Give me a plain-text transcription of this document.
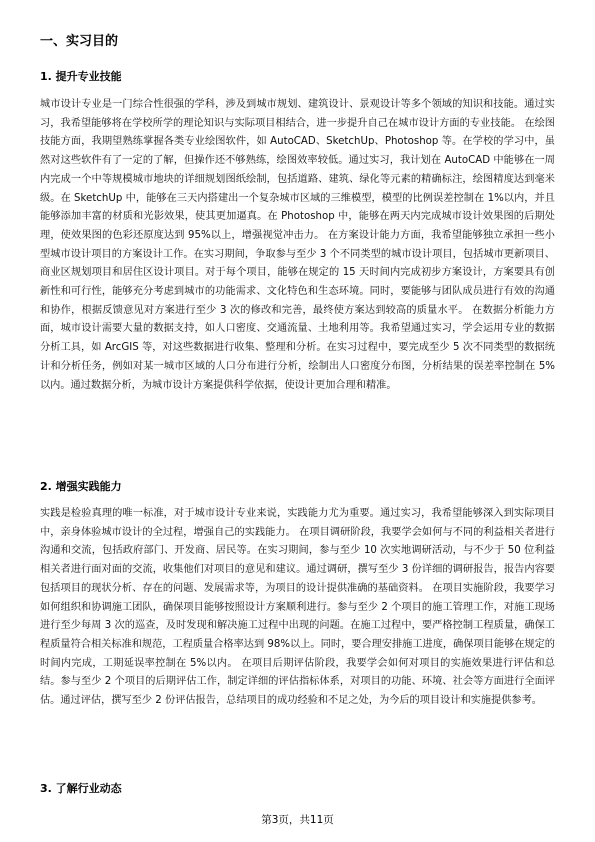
一、实习目的
1. 提升专业技能
城市设计专业是一门综合性很强的学科，涉及到城市规划、建筑设计、景观设计等多个领域的知识和技能。通过实习，我希望能够将在学校所学的理论知识与实际项目相结合，进一步提升自己在城市设计方面的专业技能。 在绘图技能方面，我期望熟练掌握各类专业绘图软件，如 AutoCAD、SketchUp、Photoshop 等。在学校的学习中，虽然对这些软件有了一定的了解，但操作还不够熟练，绘图效率较低。通过实习，我计划在 AutoCAD 中能够在一周内完成一个中等规模城市地块的详细规划图纸绘制，包括道路、建筑、绿化等元素的精确标注，绘图精度达到毫米级。在 SketchUp 中，能够在三天内搭建出一个复杂城市区域的三维模型，模型的比例误差控制在 1%以内，并且能够添加丰富的材质和光影效果，使其更加逼真。在 Photoshop 中，能够在两天内完成城市设计效果图的后期处理，使效果图的色彩还原度达到 95%以上，增强视觉冲击力。 在方案设计能力方面，我希望能够独立承担一些小型城市设计项目的方案设计工作。在实习期间，争取参与至少 3 个不同类型的城市设计项目，包括城市更新项目、商业区规划项目和居住区设计项目。对于每个项目，能够在规定的 15 天时间内完成初步方案设计，方案要具有创新性和可行性，能够充分考虑到城市的功能需求、文化特色和生态环境。同时，要能够与团队成员进行有效的沟通和协作，根据反馈意见对方案进行至少 3 次的修改和完善，最终使方案达到较高的质量水平。 在数据分析能力方面，城市设计需要大量的数据支持，如人口密度、交通流量、土地利用等。我希望通过实习，学会运用专业的数据分析工具，如 ArcGIS 等，对这些数据进行收集、整理和分析。在实习过程中，要完成至少 5 次不同类型的数据统计和分析任务，例如对某一城市区域的人口分布进行分析，绘制出人口密度分布图，分析结果的误差率控制在 5%以内。通过数据分析，为城市设计方案提供科学依据，使设计更加合理和精准。
2. 增强实践能力
实践是检验真理的唯一标准，对于城市设计专业来说，实践能力尤为重要。通过实习，我希望能够深入到实际项目中，亲身体验城市设计的全过程，增强自己的实践能力。 在项目调研阶段，我要学会如何与不同的利益相关者进行沟通和交流，包括政府部门、开发商、居民等。在实习期间，参与至少 10 次实地调研活动，与不少于 50 位利益相关者进行面对面的交流，收集他们对项目的意见和建议。通过调研，撰写至少 3 份详细的调研报告，报告内容要包括项目的现状分析、存在的问题、发展需求等，为项目的设计提供准确的基础资料。 在项目实施阶段，我要学习如何组织和协调施工团队，确保项目能够按照设计方案顺利进行。参与至少 2 个项目的施工管理工作，对施工现场进行至少每周 3 次的巡查，及时发现和解决施工过程中出现的问题。在施工过程中，要严格控制工程质量，确保工程质量符合相关标准和规范，工程质量合格率达到 98%以上。同时，要合理安排施工进度，确保项目能够在规定的时间内完成，工期延误率控制在 5%以内。 在项目后期评估阶段，我要学会如何对项目的实施效果进行评估和总结。参与至少 2 个项目的后期评估工作，制定详细的评估指标体系，对项目的功能、环境、社会等方面进行全面评估。通过评估，撰写至少 2 份评估报告，总结项目的成功经验和不足之处，为今后的项目设计和实施提供参考。
3. 了解行业动态
第3页，共11页
